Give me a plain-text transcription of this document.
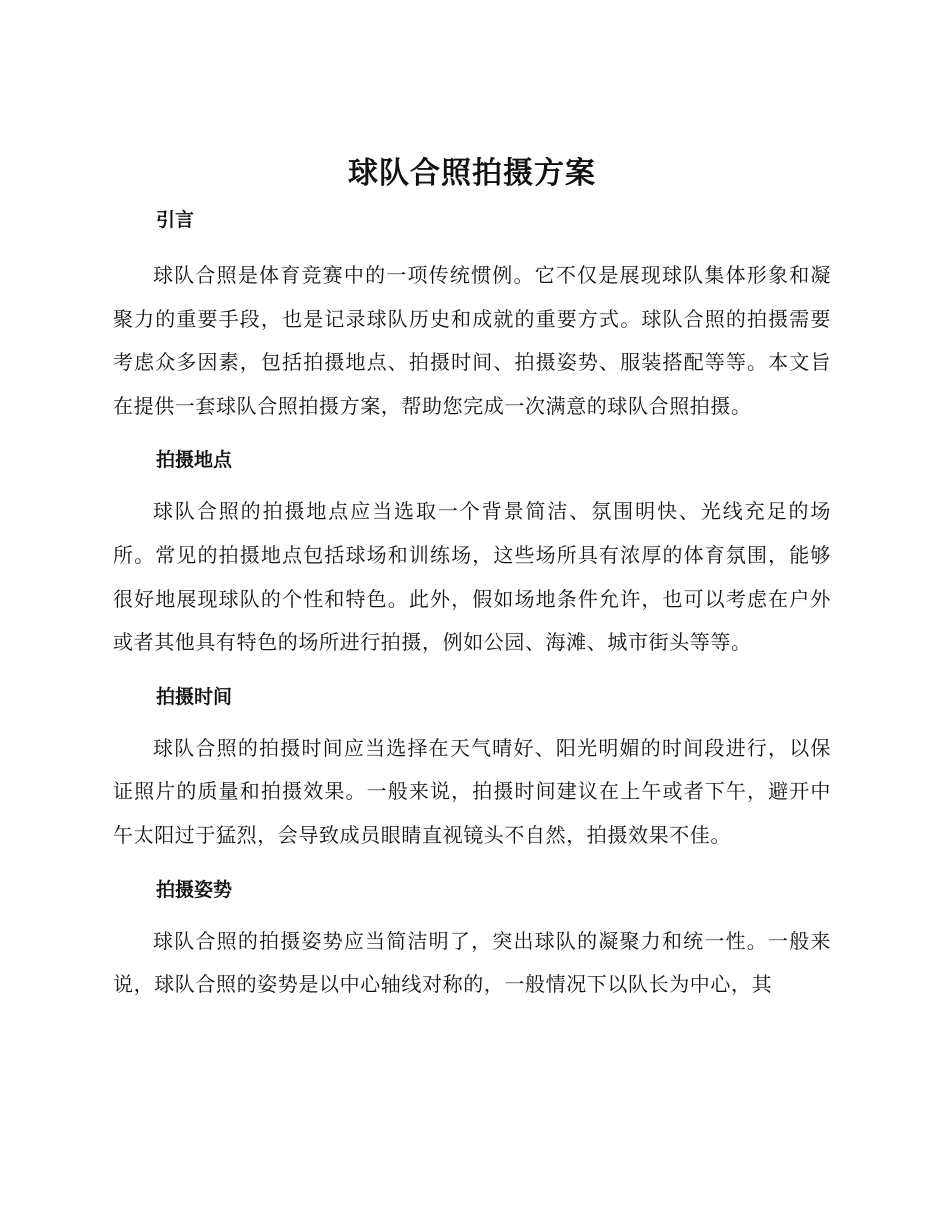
球队合照拍摄方案
引言

球队合照是体育竞赛中的一项传统惯例。它不仅是展现球队集体形象和凝聚力的重要手段，也是记录球队历史和成就的重要方式。球队合照的拍摄需要考虑众多因素，包括拍摄地点、拍摄时间、拍摄姿势、服装搭配等等。本文旨在提供一套球队合照拍摄方案，帮助您完成一次满意的球队合照拍摄。

拍摄地点

球队合照的拍摄地点应当选取一个背景简洁、氛围明快、光线充足的场所。常见的拍摄地点包括球场和训练场，这些场所具有浓厚的体育氛围，能够很好地展现球队的个性和特色。此外，假如场地条件允许，也可以考虑在户外或者其他具有特色的场所进行拍摄，例如公园、海滩、城市街头等等。

拍摄时间

球队合照的拍摄时间应当选择在天气晴好、阳光明媚的时间段进行，以保证照片的质量和拍摄效果。一般来说，拍摄时间建议在上午或者下午，避开中午太阳过于猛烈，会导致成员眼睛直视镜头不自然，拍摄效果不佳。

拍摄姿势

球队合照的拍摄姿势应当简洁明了，突出球队的凝聚力和统一性。一般来说，球队合照的姿势是以中心轴线对称的，一般情况下以队长为中心，其
